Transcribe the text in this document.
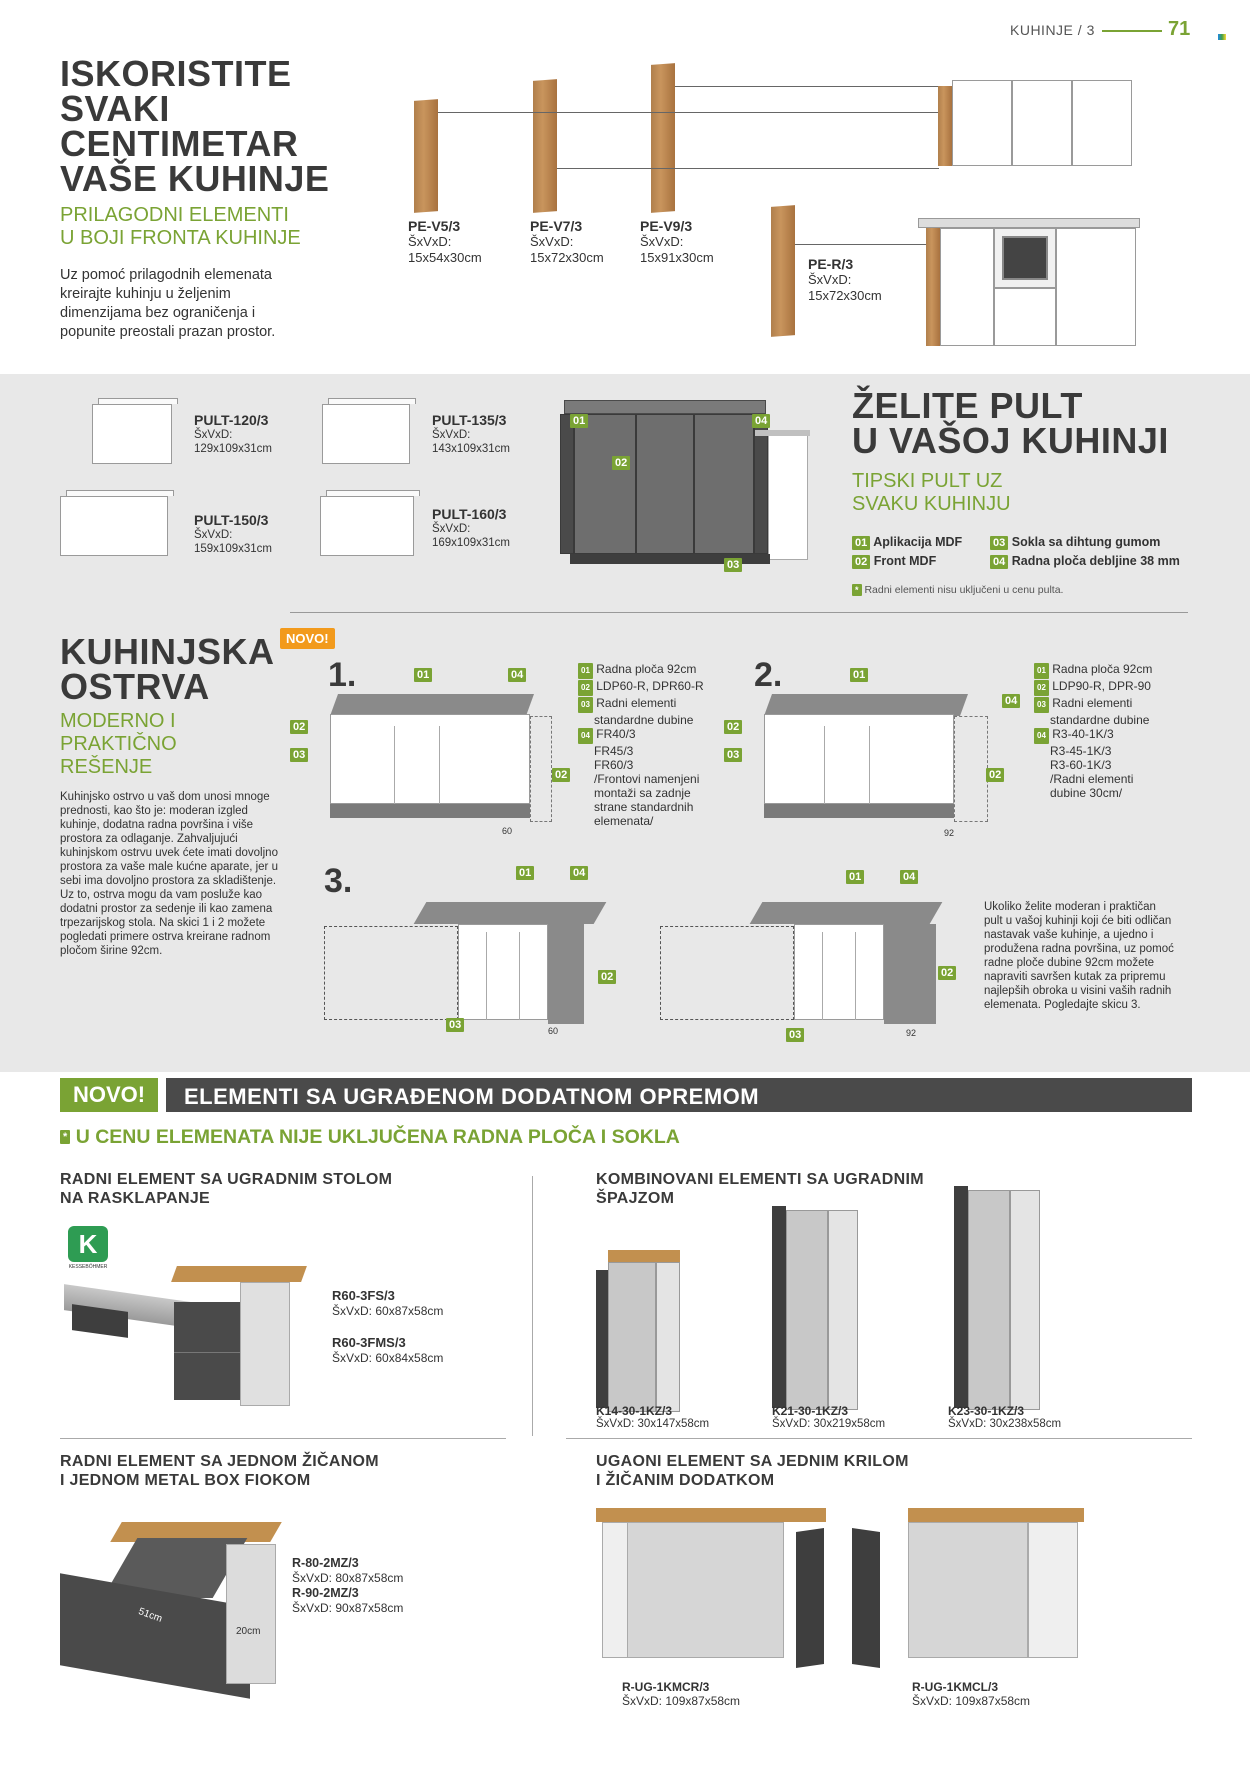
KUHINJE / 3	71
ISKORISTITE
SVAKI
CENTIMETAR
VAŠE KUHINJE
PRILAGODNI ELEMENTI
U BOJI FRONTA KUHINJE
Uz pomoć prilagodnih elemenata
kreirajte kuhinju u željenim
dimenzijama bez ograničenja i
popunite preostali prazan prostor.
PE-V5/3
ŠxVxD:
15x54x30cm
PE-V7/3
ŠxVxD:
15x72x30cm
PE-V9/3
ŠxVxD:
15x91x30cm	PE-R/3
ŠxVxD:
15x72x30cm
PULT-120/3
ŠxVxD:
129x109x31cm
PULT-135/3
ŠxVxD:
143x109x31cm
PULT-150/3
ŠxVxD:
159x109x31cm
PULT-160/3
ŠxVxD:
169x109x31cm
01
02
03
04 ŽELITE PULT
U VAŠOJ KUHINJI
TIPSKI PULT UZ
SVAKU KUHINJU
01 Aplikacija MDF
02 Front MDF
03 Sokla sa dihtung gumom
04 Radna ploča debljine 38 mm
* Radni elementi nisu uključeni u cenu pulta.
KUHINJSKA
OSTRVA
NOVO!
MODERNO I
PRAKTIČNO
REŠENJE
Kuhinjsko ostrvo u vaš dom unosi mnoge
prednosti, kao što je: moderan izgled
kuhinje, dodatna radna površina i više
prostora za odlaganje. Zahvaljujući
kuhinjskom ostrvu uvek ćete imati dovoljno
prostora za vaše male kućne aparate, jer u
sebi ima dovoljno prostora za skladištenje.
Uz to, ostrva mogu da vam posluže kao
dodatni prostor za sedenje ili kao zamena
trpezarijskog stola. Na skici 1 i 2 možete
pogledati primere ostrva kreirane radnom
pločom širine 92cm.
1.	01	04
02
03
02
60
01 Radna ploča 92cm
02 LDP60-R, DPR60-R
03 Radni elementi
standardne dubine
04 FR40/3
FR45/3
FR60/3
/Frontovi namenjeni
montaži sa zadnje
strane standardnih
elemenata/
2.	01
04
02
03
02
92
01 Radna ploča 92cm
02 LDP90-R, DPR-90
03 Radni elementi
standardne dubine
04 R3-40-1K/3
R3-45-1K/3
R3-60-1K/3
/Radni elementi
dubine 30cm/
3.	01	04
02
03	60
01	04
02
03	92
Ukoliko želite moderan i praktičan
pult u vašoj kuhinji koji će biti odličan
nastavak vaše kuhinje, a ujedno i
produžena radna površina, uz pomoć
radne ploče dubine 92cm možete
napraviti savršen kutak za pripremu
najlepših obroka u visini vaših radnih
elemenata. Pogledajte skicu 3.
NOVO!	ELEMENTI SA UGRAĐENOM DODATNOM OPREMOM
* U CENU ELEMENATA NIJE UKLJUČENA RADNA PLOČA I SOKLA
RADNI ELEMENT SA UGRADNIM STOLOM
NA RASKLAPANJE
K
KESSEBÖHMER
R60-3FS/3
ŠxVxD: 60x87x58cm
R60-3FMS/3
ŠxVxD: 60x84x58cm
KOMBINOVANI ELEMENTI SA UGRADNIM
ŠPAJZOM
K14-30-1KZ/3
ŠxVxD: 30x147x58cm
K21-30-1KZ/3
ŠxVxD: 30x219x58cm
K23-30-1KZ/3
ŠxVxD: 30x238x58cm
RADNI ELEMENT SA JEDNOM ŽIČANOM
I JEDNOM METAL BOX FIOKOM
51cm
20cm
R-80-2MZ/3
ŠxVxD: 80x87x58cm
R-90-2MZ/3
ŠxVxD: 90x87x58cm
UGAONI ELEMENT SA JEDNIM KRILOM
I ŽIČANIM DODATKOM
R-UG-1KMCR/3
ŠxVxD: 109x87x58cm
R-UG-1KMCL/3
ŠxVxD: 109x87x58cm
